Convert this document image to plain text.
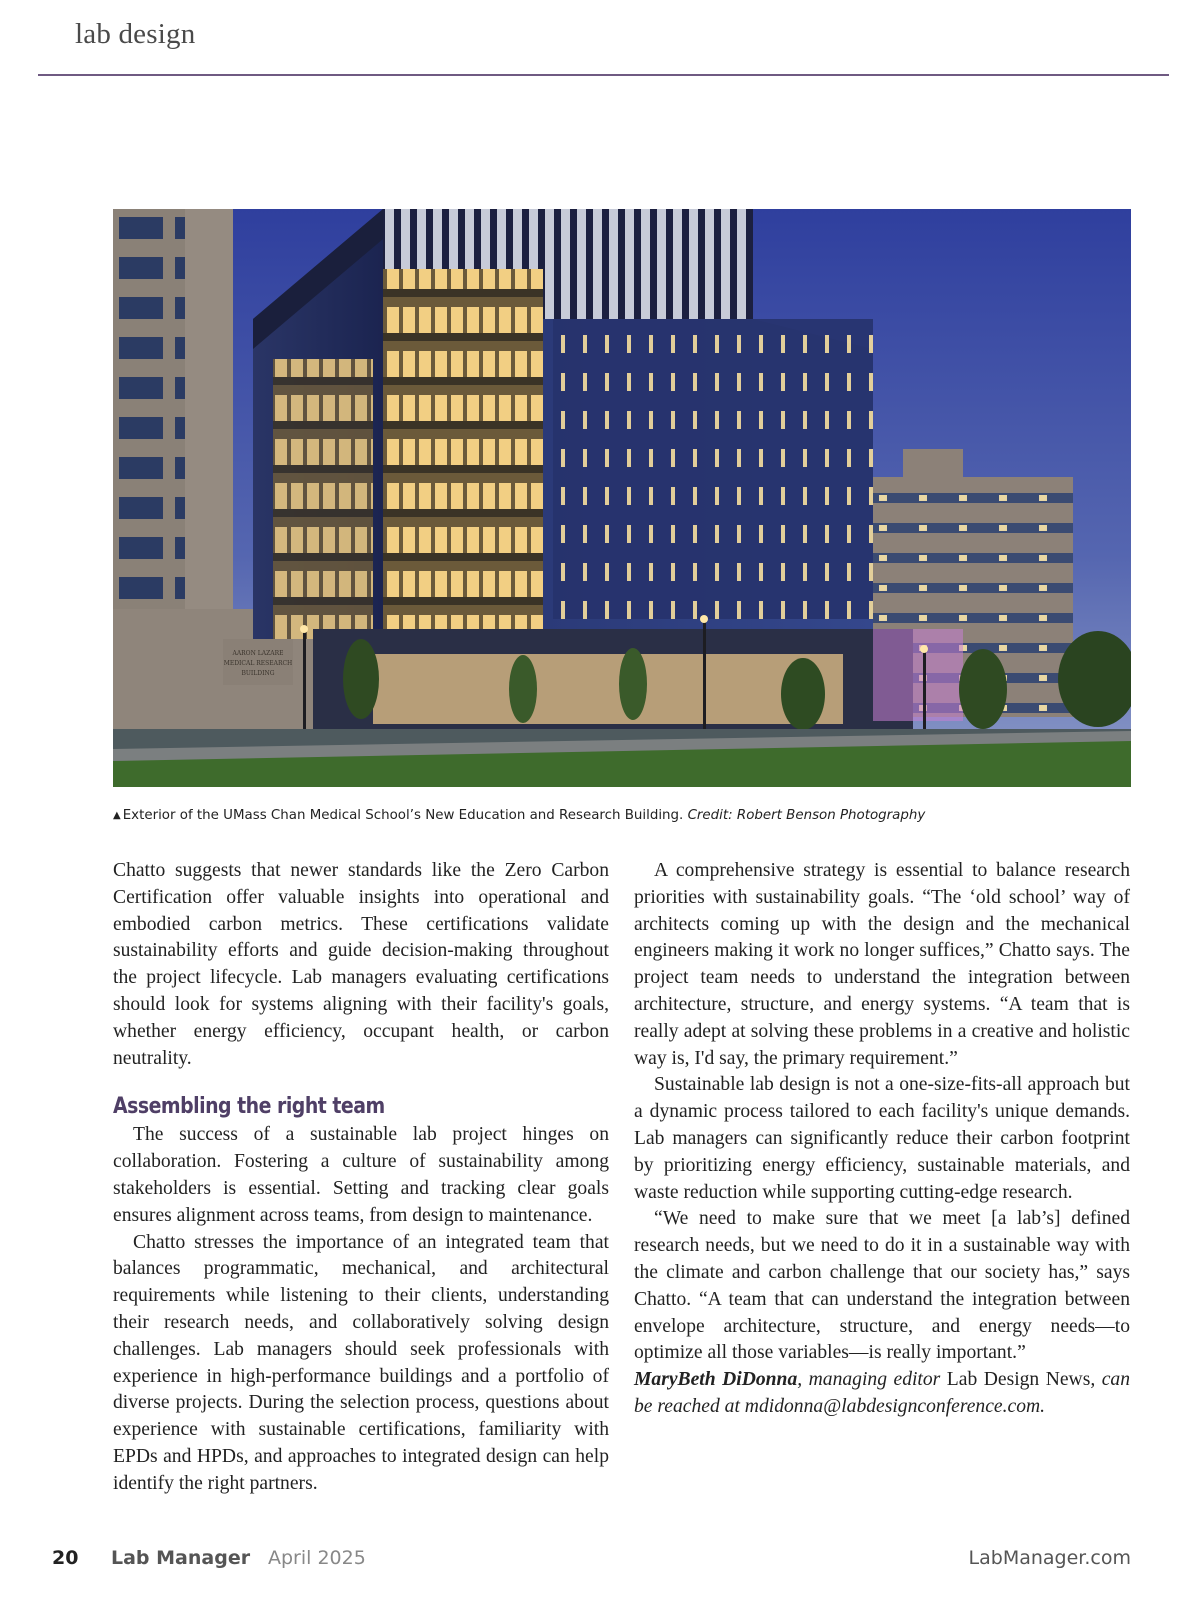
lab design
AARON LAZARE
MEDICAL RESEARCH
BUILDING
▲ Exterior of the UMass Chan Medical School’s New Education and Research Building. Credit: Robert Benson Photography

Chatto suggests that newer standards like the Zero Carbon Certification offer valuable insights into operational and embodied carbon metrics. These certifications validate sustainability efforts and guide decision-making throughout the project lifecycle. Lab managers evaluating certifications should look for systems aligning with their facility's goals, whether energy efficiency, occupant health, or carbon neutrality.

Assembling the right team

The success of a sustainable lab project hinges on collaboration. Fostering a culture of sustainability among stakeholders is essential. Setting and tracking clear goals ensures alignment across teams, from design to maintenance.

Chatto stresses the importance of an integrated team that balances programmatic, mechanical, and architectural requirements while listening to their clients, understanding their research needs, and collaboratively solving design challenges. Lab managers should seek professionals with experience in high-performance buildings and a portfolio of diverse projects. During the selection process, questions about experience with sustainable certifications, familiarity with EPDs and HPDs, and approaches to integrated design can help identify the right partners.

A comprehensive strategy is essential to balance research priorities with sustainability goals. “The ‘old school’ way of architects coming up with the design and the mechanical engineers making it work no longer suffices,” Chatto says. The project team needs to understand the integration between architecture, structure, and energy systems. “A team that is really adept at solving these problems in a creative and holistic way is, I'd say, the primary requirement.”

Sustainable lab design is not a one-size-fits-all approach but a dynamic process tailored to each facility's unique demands. Lab managers can significantly reduce their carbon footprint by prioritizing energy efficiency, sustainable materials, and waste reduction while supporting cutting-edge research.

“We need to make sure that we meet [a lab’s] defined research needs, but we need to do it in a sustainable way with the climate and carbon challenge that our society has,” says Chatto. “A team that can understand the integration between envelope architecture, structure, and energy needs—to optimize all those variables—is really important.”

MaryBeth DiDonna, managing editor Lab Design News, can be reached at mdidonna@labdesignconference.com.

20 Lab Manager April 2025	LabManager.com
